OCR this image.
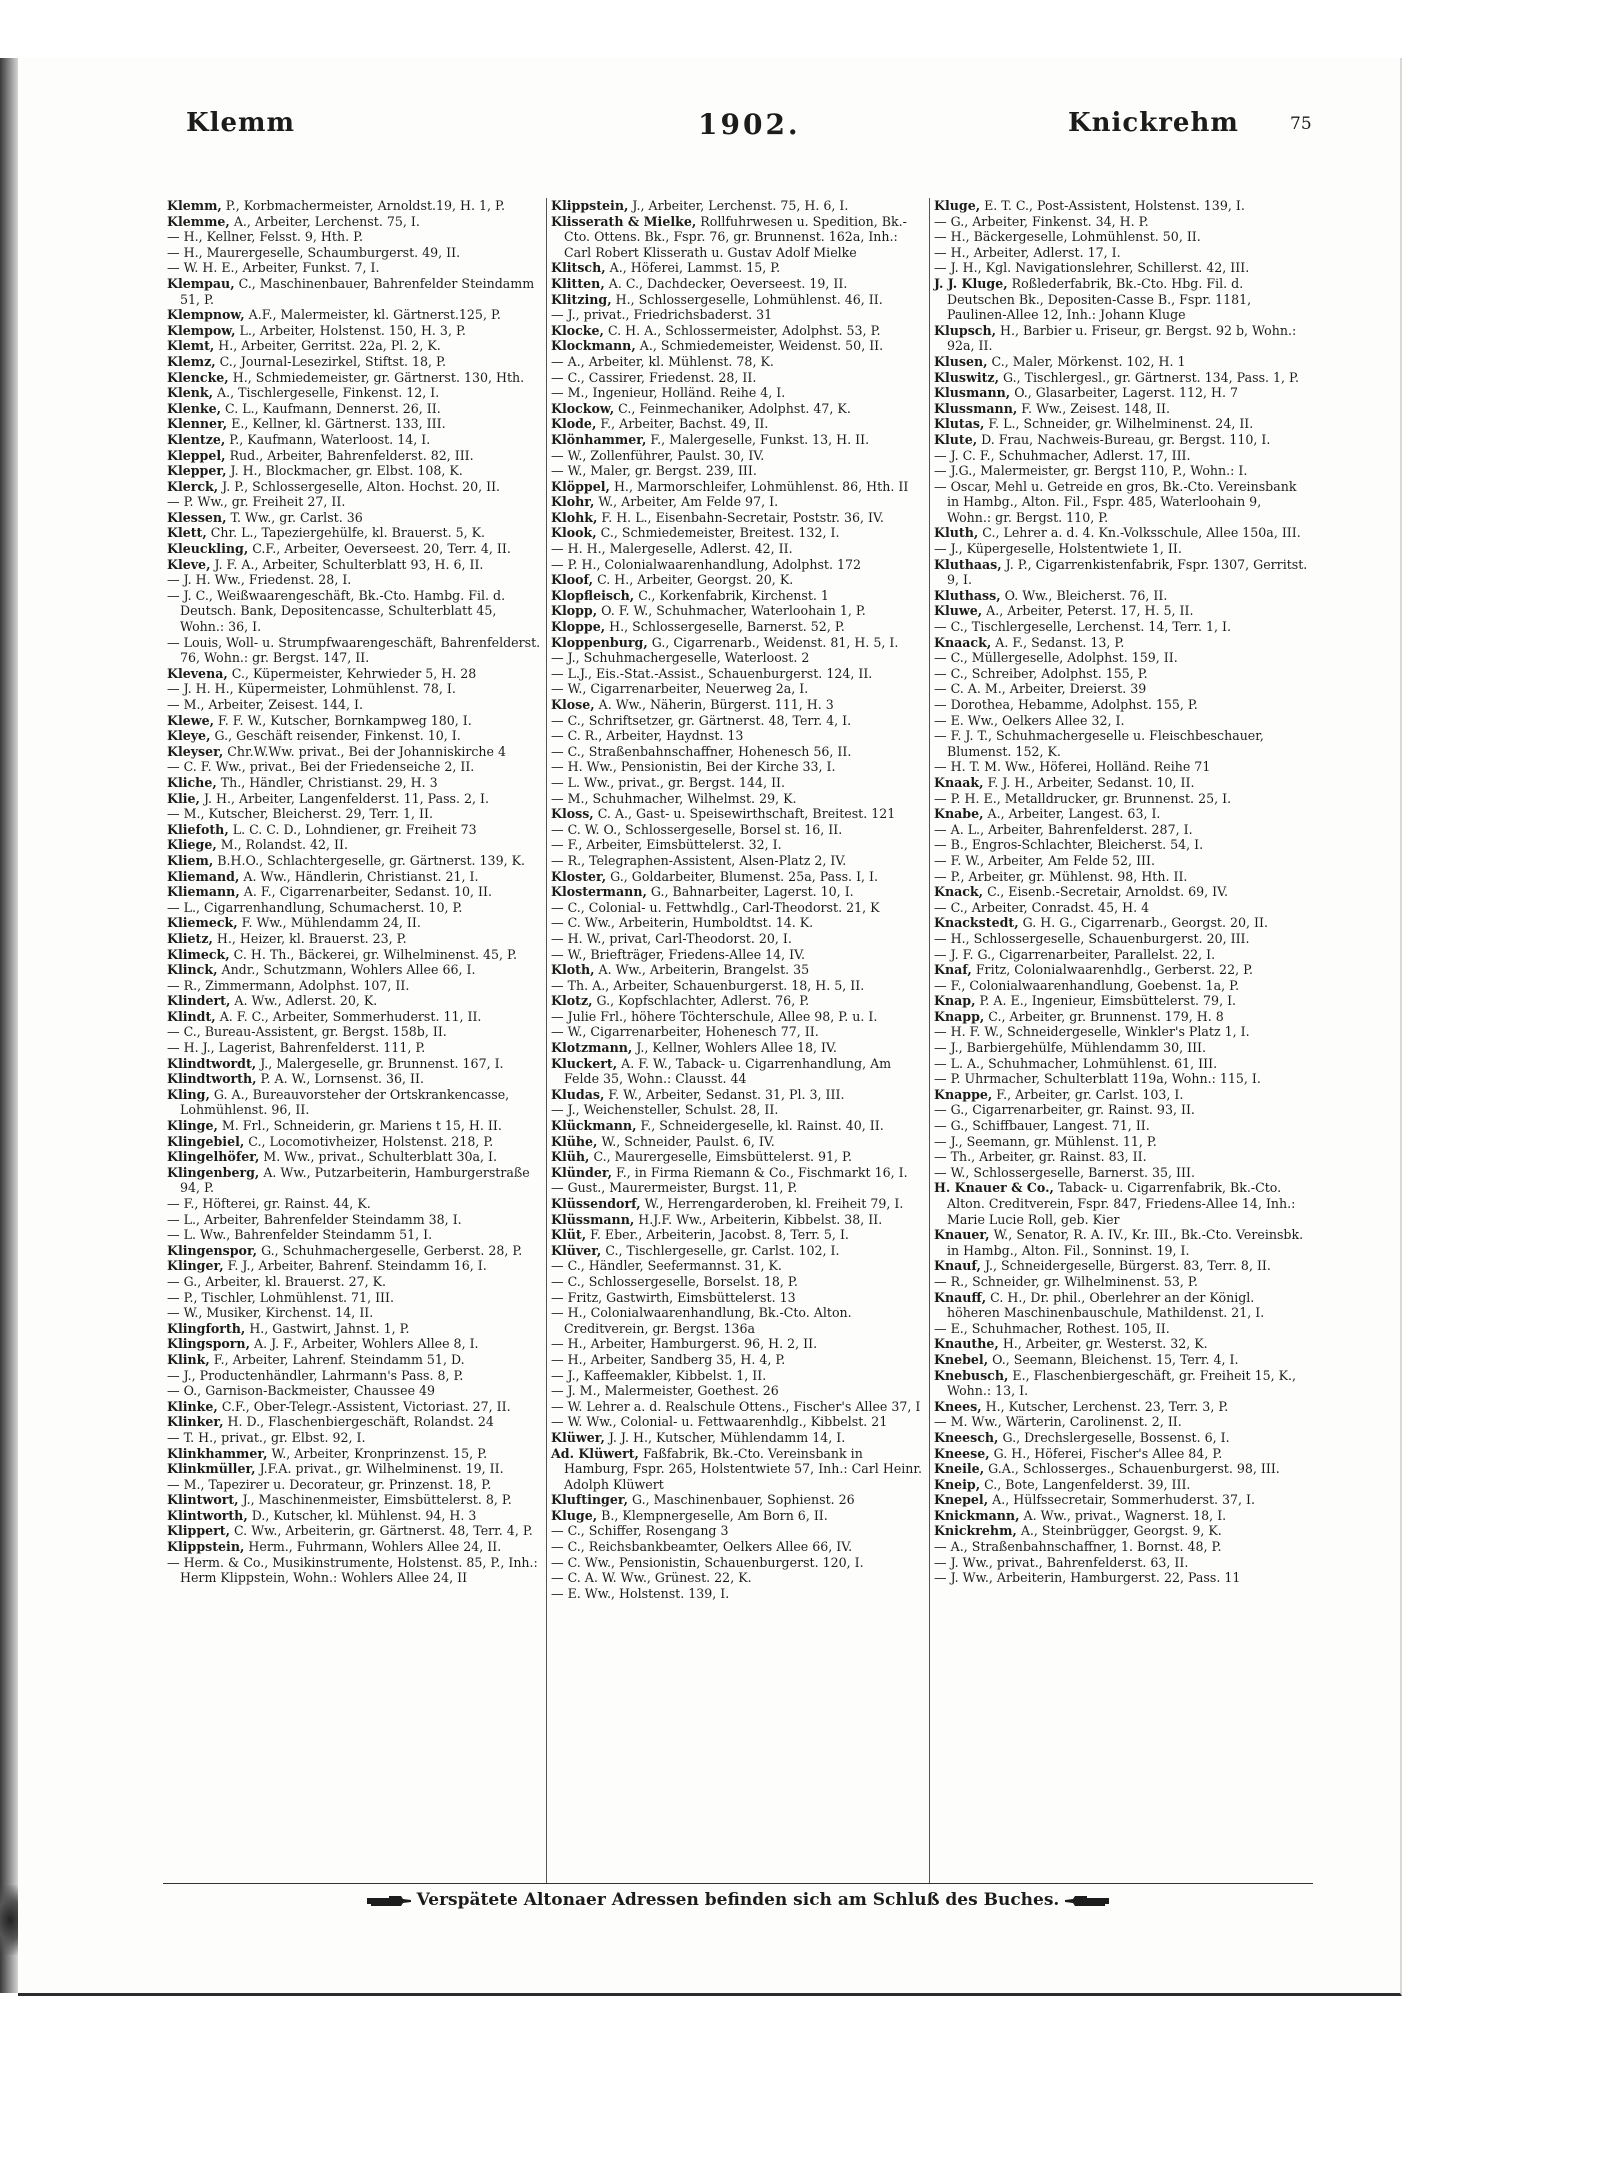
Klemm	1902.	Knickrehm	75
Klemm, P., Korbmachermeister, Arnoldst.19, H. 1, P.
Klemme, A., Arbeiter, Lerchenst. 75, I.
— H., Kellner, Felsst. 9, Hth. P.
— H., Maurergeselle, Schaumburgerst. 49, II.
— W. H. E., Arbeiter, Funkst. 7, I.
Klempau, C., Maschinenbauer, Bahrenfelder Steindamm 51, P.
Klempnow, A.F., Malermeister, kl. Gärtnerst.125, P.
Klempow, L., Arbeiter, Holstenst. 150, H. 3, P.
Klemt, H., Arbeiter, Gerritst. 22a, Pl. 2, K.
Klemz, C., Journal-Lesezirkel, Stiftst. 18, P.
Klencke, H., Schmiedemeister, gr. Gärtnerst. 130, Hth.
Klenk, A., Tischlergeselle, Finkenst. 12, I.
Klenke, C. L., Kaufmann, Dennerst. 26, II.
Klenner, E., Kellner, kl. Gärtnerst. 133, III.
Klentze, P., Kaufmann, Waterloost. 14, I.
Kleppel, Rud., Arbeiter, Bahrenfelderst. 82, III.
Klepper, J. H., Blockmacher, gr. Elbst. 108, K.
Klerck, J. P., Schlossergeselle, Alton. Hochst. 20, II.
— P. Ww., gr. Freiheit 27, II.
Klessen, T. Ww., gr. Carlst. 36
Klett, Chr. L., Tapeziergehülfe, kl. Brauerst. 5, K.
Kleuckling, C.F., Arbeiter, Oeverseest. 20, Terr. 4, II.
Kleve, J. F. A., Arbeiter, Schulterblatt 93, H. 6, II.
— J. H. Ww., Friedenst. 28, I.
— J. C., Weißwaarengeschäft, Bk.-Cto. Hambg. Fil. d. Deutsch. Bank, Depositencasse, Schulterblatt 45, Wohn.: 36, I.
— Louis, Woll- u. Strumpfwaarengeschäft, Bahrenfelderst. 76, Wohn.: gr. Bergst. 147, II.
Klevena, C., Küpermeister, Kehrwieder 5, H. 28
— J. H. H., Küpermeister, Lohmühlenst. 78, I.
— M., Arbeiter, Zeisest. 144, I.
Klewe, F. F. W., Kutscher, Bornkampweg 180, I.
Kleye, G., Geschäft reisender, Finkenst. 10, I.
Kleyser, Chr.W.Ww. privat., Bei der Johanniskirche 4
— C. F. Ww., privat., Bei der Friedenseiche 2, II.
Kliche, Th., Händler, Christianst. 29, H. 3
Klie, J. H., Arbeiter, Langenfelderst. 11, Pass. 2, I.
— M., Kutscher, Bleicherst. 29, Terr. 1, II.
Kliefoth, L. C. C. D., Lohndiener, gr. Freiheit 73
Kliege, M., Rolandst. 42, II.
Kliem, B.H.O., Schlachtergeselle, gr. Gärtnerst. 139, K.
Kliemand, A. Ww., Händlerin, Christianst. 21, I.
Kliemann, A. F., Cigarrenarbeiter, Sedanst. 10, II.
— L., Cigarrenhandlung, Schumacherst. 10, P.
Kliemeck, F. Ww., Mühlendamm 24, II.
Klietz, H., Heizer, kl. Brauerst. 23, P.
Klimeck, C. H. Th., Bäckerei, gr. Wilhelminenst. 45, P.
Klinck, Andr., Schutzmann, Wohlers Allee 66, I.
— R., Zimmermann, Adolphst. 107, II.
Klindert, A. Ww., Adlerst. 20, K.
Klindt, A. F. C., Arbeiter, Sommerhuderst. 11, II.
— C., Bureau-Assistent, gr. Bergst. 158b, II.
— H. J., Lagerist, Bahrenfelderst. 111, P.
Klindtwordt, J., Malergeselle, gr. Brunnenst. 167, I.
Klindtworth, P. A. W., Lornsenst. 36, II.
Kling, G. A., Bureauvorsteher der Ortskrankencasse, Lohmühlenst. 96, II.
Klinge, M. Frl., Schneiderin, gr. Mariens t 15, H. II.
Klingebiel, C., Locomotivheizer, Holstenst. 218, P.
Klingelhöfer, M. Ww., privat., Schulterblatt 30a, I.
Klingenberg, A. Ww., Putzarbeiterin, Hamburgerstraße 94, P.
— F., Höfterei, gr. Rainst. 44, K.
— L., Arbeiter, Bahrenfelder Steindamm 38, I.
— L. Ww., Bahrenfelder Steindamm 51, I.
Klingenspor, G., Schuhmachergeselle, Gerberst. 28, P.
Klinger, F. J., Arbeiter, Bahrenf. Steindamm 16, I.
— G., Arbeiter, kl. Brauerst. 27, K.
— P., Tischler, Lohmühlenst. 71, III.
— W., Musiker, Kirchenst. 14, II.
Klingforth, H., Gastwirt, Jahnst. 1, P.
Klingsporn, A. J. F., Arbeiter, Wohlers Allee 8, I.
Klink, F., Arbeiter, Lahrenf. Steindamm 51, D.
— J., Productenhändler, Lahrmann's Pass. 8, P.
— O., Garnison-Backmeister, Chaussee 49
Klinke, C.F., Ober-Telegr.-Assistent, Victoriast. 27, II.
Klinker, H. D., Flaschenbiergeschäft, Rolandst. 24
— T. H., privat., gr. Elbst. 92, I.
Klinkhammer, W., Arbeiter, Kronprinzenst. 15, P.
Klinkmüller, J.F.A. privat., gr. Wilhelminenst. 19, II.
— M., Tapezirer u. Decorateur, gr. Prinzenst. 18, P.
Klintwort, J., Maschinenmeister, Eimsbüttelerst. 8, P.
Klintworth, D., Kutscher, kl. Mühlenst. 94, H. 3
Klippert, C. Ww., Arbeiterin, gr. Gärtnerst. 48, Terr. 4, P.
Klippstein, Herm., Fuhrmann, Wohlers Allee 24, II.
— Herm. & Co., Musikinstrumente, Holstenst. 85, P., Inh.: Herm Klippstein, Wohn.: Wohlers Allee 24, II
Klippstein, J., Arbeiter, Lerchenst. 75, H. 6, I.
Klisserath & Mielke, Rollfuhrwesen u. Spedition, Bk.-Cto. Ottens. Bk., Fspr. 76, gr. Brunnenst. 162a, Inh.: Carl Robert Klisserath u. Gustav Adolf Mielke
Klitsch, A., Höferei, Lammst. 15, P.
Klitten, A. C., Dachdecker, Oeverseest. 19, II.
Klitzing, H., Schlossergeselle, Lohmühlenst. 46, II.
— J., privat., Friedrichsbaderst. 31
Klocke, C. H. A., Schlossermeister, Adolphst. 53, P.
Klockmann, A., Schmiedemeister, Weidenst. 50, II.
— A., Arbeiter, kl. Mühlenst. 78, K.
— C., Cassirer, Friedenst. 28, II.
— M., Ingenieur, Holländ. Reihe 4, I.
Klockow, C., Feinmechaniker, Adolphst. 47, K.
Klode, F., Arbeiter, Bachst. 49, II.
Klönhammer, F., Malergeselle, Funkst. 13, H. II.
— W., Zollenführer, Paulst. 30, IV.
— W., Maler, gr. Bergst. 239, III.
Klöppel, H., Marmorschleifer, Lohmühlenst. 86, Hth. II
Klohr, W., Arbeiter, Am Felde 97, I.
Klohk, F. H. L., Eisenbahn-Secretair, Poststr. 36, IV.
Klook, C., Schmiedemeister, Breitest. 132, I.
— H. H., Malergeselle, Adlerst. 42, II.
— P. H., Colonialwaarenhandlung, Adolphst. 172
Kloof, C. H., Arbeiter, Georgst. 20, K.
Klopfleisch, C., Korkenfabrik, Kirchenst. 1
Klopp, O. F. W., Schuhmacher, Waterloohain 1, P.
Kloppe, H., Schlossergeselle, Barnerst. 52, P.
Kloppenburg, G., Cigarrenarb., Weidenst. 81, H. 5, I.
— J., Schuhmachergeselle, Waterloost. 2
— L.J., Eis.-Stat.-Assist., Schauenburgerst. 124, II.
— W., Cigarrenarbeiter, Neuerweg 2a, I.
Klose, A. Ww., Näherin, Bürgerst. 111, H. 3
— C., Schriftsetzer, gr. Gärtnerst. 48, Terr. 4, I.
— C. R., Arbeiter, Haydnst. 13
— C., Straßenbahnschaffner, Hohenesch 56, II.
— H. Ww., Pensionistin, Bei der Kirche 33, I.
— L. Ww., privat., gr. Bergst. 144, II.
— M., Schuhmacher, Wilhelmst. 29, K.
Kloss, C. A., Gast- u. Speisewirthschaft, Breitest. 121
— C. W. O., Schlossergeselle, Borsel st. 16, II.
— F., Arbeiter, Eimsbüttelerst. 32, I.
— R., Telegraphen-Assistent, Alsen-Platz 2, IV.
Kloster, G., Goldarbeiter, Blumenst. 25a, Pass. I, I.
Klostermann, G., Bahnarbeiter, Lagerst. 10, I.
— C., Colonial- u. Fettwhdlg., Carl-Theodorst. 21, K
— C. Ww., Arbeiterin, Humboldtst. 14. K.
— H. W., privat, Carl-Theodorst. 20, I.
— W., Briefträger, Friedens-Allee 14, IV.
Kloth, A. Ww., Arbeiterin, Brangelst. 35
— Th. A., Arbeiter, Schauenburgerst. 18, H. 5, II.
Klotz, G., Kopfschlachter, Adlerst. 76, P.
— Julie Frl., höhere Töchterschule, Allee 98, P. u. I.
— W., Cigarrenarbeiter, Hohenesch 77, II.
Klotzmann, J., Kellner, Wohlers Allee 18, IV.
Kluckert, A. F. W., Taback- u. Cigarrenhandlung, Am Felde 35, Wohn.: Clausst. 44
Kludas, F. W., Arbeiter, Sedanst. 31, Pl. 3, III.
— J., Weichensteller, Schulst. 28, II.
Klückmann, F., Schneidergeselle, kl. Rainst. 40, II.
Klühe, W., Schneider, Paulst. 6, IV.
Klüh, C., Maurergeselle, Eimsbüttelerst. 91, P.
Klünder, F., in Firma Riemann & Co., Fischmarkt 16, I.
— Gust., Maurermeister, Burgst. 11, P.
Klüssendorf, W., Herrengarderoben, kl. Freiheit 79, I.
Klüssmann, H.J.F. Ww., Arbeiterin, Kibbelst. 38, II.
Klüt, F. Eber., Arbeiterin, Jacobst. 8, Terr. 5, I.
Klüver, C., Tischlergeselle, gr. Carlst. 102, I.
— C., Händler, Seefermannst. 31, K.
— C., Schlossergeselle, Borselst. 18, P.
— Fritz, Gastwirth, Eimsbüttelerst. 13
— H., Colonialwaarenhandlung, Bk.-Cto. Alton. Creditverein, gr. Bergst. 136a
— H., Arbeiter, Hamburgerst. 96, H. 2, II.
— H., Arbeiter, Sandberg 35, H. 4, P.
— J., Kaffeemakler, Kibbelst. 1, II.
— J. M., Malermeister, Goethest. 26
— W. Lehrer a. d. Realschule Ottens., Fischer's Allee 37, I
— W. Ww., Colonial- u. Fettwaarenhdlg., Kibbelst. 21
Klüwer, J. J. H., Kutscher, Mühlendamm 14, I.
Ad. Klüwert, Faßfabrik, Bk.-Cto. Vereinsbank in Hamburg, Fspr. 265, Holstentwiete 57, Inh.: Carl Heinr. Adolph Klüwert
Kluftinger, G., Maschinenbauer, Sophienst. 26
Kluge, B., Klempnergeselle, Am Born 6, II.
— C., Schiffer, Rosengang 3
— C., Reichsbankbeamter, Oelkers Allee 66, IV.
— C. Ww., Pensionistin, Schauenburgerst. 120, I.
— C. A. W. Ww., Grünest. 22, K.
— E. Ww., Holstenst. 139, I.
Kluge, E. T. C., Post-Assistent, Holstenst. 139, I.
— G., Arbeiter, Finkenst. 34, H. P.
— H., Bäckergeselle, Lohmühlenst. 50, II.
— H., Arbeiter, Adlerst. 17, I.
— J. H., Kgl. Navigationslehrer, Schillerst. 42, III.
J. J. Kluge, Roßlederfabrik, Bk.-Cto. Hbg. Fil. d. Deutschen Bk., Depositen-Casse B., Fspr. 1181, Paulinen-Allee 12, Inh.: Johann Kluge
Klupsch, H., Barbier u. Friseur, gr. Bergst. 92 b, Wohn.: 92a, II.
Klusen, C., Maler, Mörkenst. 102, H. 1
Kluswitz, G., Tischlergesl., gr. Gärtnerst. 134, Pass. 1, P.
Klusmann, O., Glasarbeiter, Lagerst. 112, H. 7
Klussmann, F. Ww., Zeisest. 148, II.
Klutas, F. L., Schneider, gr. Wilhelminenst. 24, II.
Klute, D. Frau, Nachweis-Bureau, gr. Bergst. 110, I.
— J. C. F., Schuhmacher, Adlerst. 17, III.
— J.G., Malermeister, gr. Bergst 110, P., Wohn.: I.
— Oscar, Mehl u. Getreide en gros, Bk.-Cto. Vereinsbank in Hambg., Alton. Fil., Fspr. 485, Waterloohain 9, Wohn.: gr. Bergst. 110, P.
Kluth, C., Lehrer a. d. 4. Kn.-Volksschule, Allee 150a, III.
— J., Küpergeselle, Holstentwiete 1, II.
Kluthaas, J. P., Cigarrenkistenfabrik, Fspr. 1307, Gerritst. 9, I.
Kluthass, O. Ww., Bleicherst. 76, II.
Kluwe, A., Arbeiter, Peterst. 17, H. 5, II.
— C., Tischlergeselle, Lerchenst. 14, Terr. 1, I.
Knaack, A. F., Sedanst. 13, P.
— C., Müllergeselle, Adolphst. 159, II.
— C., Schreiber, Adolphst. 155, P.
— C. A. M., Arbeiter, Dreierst. 39
— Dorothea, Hebamme, Adolphst. 155, P.
— E. Ww., Oelkers Allee 32, I.
— F. J. T., Schuhmachergeselle u. Fleischbeschauer, Blumenst. 152, K.
— H. T. M. Ww., Höferei, Holländ. Reihe 71
Knaak, F. J. H., Arbeiter, Sedanst. 10, II.
— P. H. E., Metalldrucker, gr. Brunnenst. 25, I.
Knabe, A., Arbeiter, Langest. 63, I.
— A. L., Arbeiter, Bahrenfelderst. 287, I.
— B., Engros-Schlachter, Bleicherst. 54, I.
— F. W., Arbeiter, Am Felde 52, III.
— P., Arbeiter, gr. Mühlenst. 98, Hth. II.
Knack, C., Eisenb.-Secretair, Arnoldst. 69, IV.
— C., Arbeiter, Conradst. 45, H. 4
Knackstedt, G. H. G., Cigarrenarb., Georgst. 20, II.
— H., Schlossergeselle, Schauenburgerst. 20, III.
— J. F. G., Cigarrenarbeiter, Parallelst. 22, I.
Knaf, Fritz, Colonialwaarenhdlg., Gerberst. 22, P.
— F., Colonialwaarenhandlung, Goebenst. 1a, P.
Knap, P. A. E., Ingenieur, Eimsbüttelerst. 79, I.
Knapp, C., Arbeiter, gr. Brunnenst. 179, H. 8
— H. F. W., Schneidergeselle, Winkler's Platz 1, I.
— J., Barbiergehülfe, Mühlendamm 30, III.
— L. A., Schuhmacher, Lohmühlenst. 61, III.
— P. Uhrmacher, Schulterblatt 119a, Wohn.: 115, I.
Knappe, F., Arbeiter, gr. Carlst. 103, I.
— G., Cigarrenarbeiter, gr. Rainst. 93, II.
— G., Schiffbauer, Langest. 71, II.
— J., Seemann, gr. Mühlenst. 11, P.
— Th., Arbeiter, gr. Rainst. 83, II.
— W., Schlossergeselle, Barnerst. 35, III.
H. Knauer & Co., Taback- u. Cigarrenfabrik, Bk.-Cto. Alton. Creditverein, Fspr. 847, Friedens-Allee 14, Inh.: Marie Lucie Roll, geb. Kier
Knauer, W., Senator, R. A. IV., Kr. III., Bk.-Cto. Vereinsbk. in Hambg., Alton. Fil., Sonninst. 19, I.
Knauf, J., Schneidergeselle, Bürgerst. 83, Terr. 8, II.
— R., Schneider, gr. Wilhelminenst. 53, P.
Knauff, C. H., Dr. phil., Oberlehrer an der Königl. höheren Maschinenbauschule, Mathildenst. 21, I.
— E., Schuhmacher, Rothest. 105, II.
Knauthe, H., Arbeiter, gr. Westerst. 32, K.
Knebel, O., Seemann, Bleichenst. 15, Terr. 4, I.
Knebusch, E., Flaschenbiergeschäft, gr. Freiheit 15, K., Wohn.: 13, I.
Knees, H., Kutscher, Lerchenst. 23, Terr. 3, P.
— M. Ww., Wärterin, Carolinenst. 2, II.
Kneesch, G., Drechslergeselle, Bossenst. 6, I.
Kneese, G. H., Höferei, Fischer's Allee 84, P.
Kneile, G.A., Schlosserges., Schauenburgerst. 98, III.
Kneip, C., Bote, Langenfelderst. 39, III.
Knepel, A., Hülfssecretair, Sommerhuderst. 37, I.
Knickmann, A. Ww., privat., Wagnerst. 18, I.
Knickrehm, A., Steinbrügger, Georgst. 9, K.
— A., Straßenbahnschaffner, 1. Bornst. 48, P.
— J. Ww., privat., Bahrenfelderst. 63, II.
— J. Ww., Arbeiterin, Hamburgerst. 22, Pass. 11
Verspätete Altonaer Adressen befinden sich am Schluß des Buches.
